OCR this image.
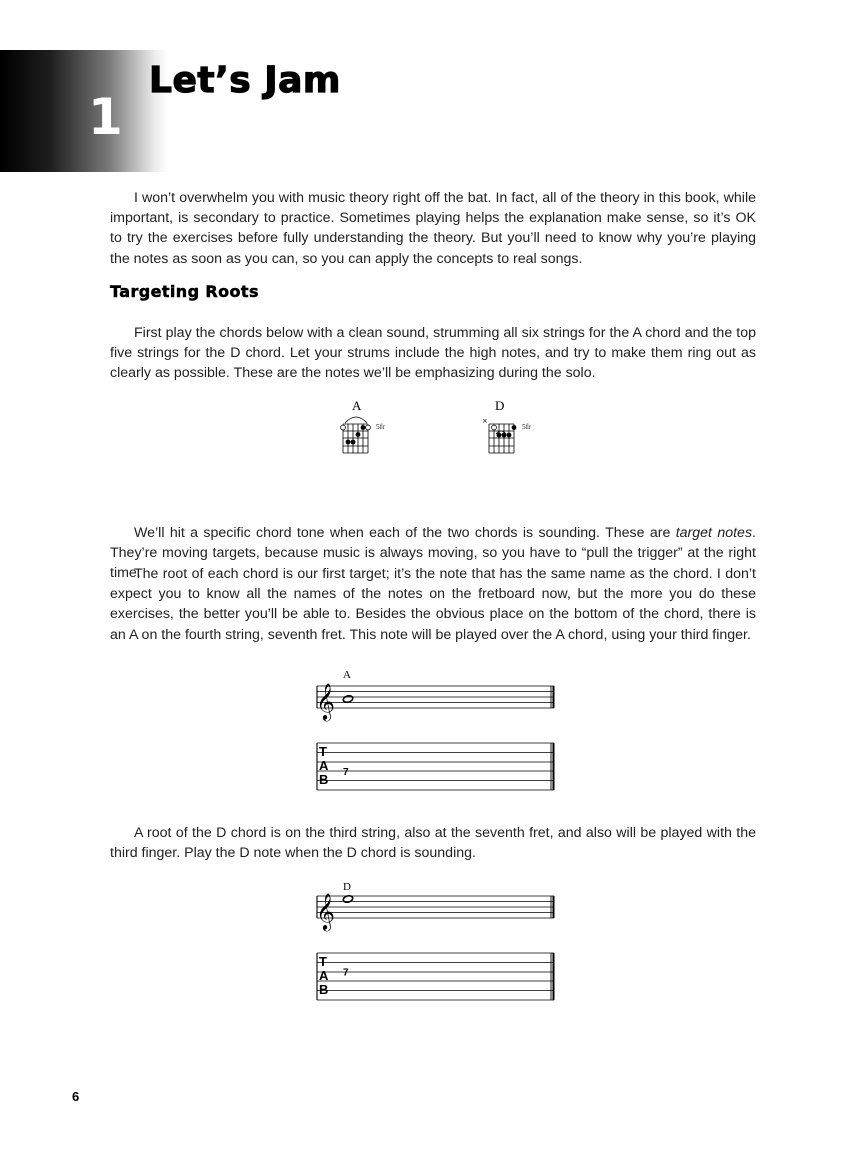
1
Let’s Jam

I won’t overwhelm you with music theory right off the bat. In fact, all of the theory in this book, while important, is secondary to practice. Sometimes playing helps the explanation make sense, so it’s OK to try the exercises before fully understanding the theory. But you’ll need to know why you’re playing the notes as soon as you can, so you can apply the concepts to real songs.

Targeting Roots

First play the chords below with a clean sound, strumming all six strings for the A chord and the top five strings for the D chord. Let your strums include the high notes, and try to make them ring out as clearly as possible. These are the notes we’ll be emphasizing during the solo.

A
5fr
D
×
5fr

We’ll hit a specific chord tone when each of the two chords is sounding. These are target notes. They’re moving targets, because music is always moving, so you have to “pull the trigger” at the right time.

The root of each chord is our first target; it’s the note that has the same name as the chord. I don’t expect you to know all the names of the notes on the fretboard now, but the more you do these exercises, the better you’ll be able to. Besides the obvious place on the bottom of the chord, there is an A on the fourth string, seventh fret. This note will be played over the A chord, using your third finger.

A
𝄞
T
A
B 7

A root of the D chord is on the third string, also at the seventh fret, and also will be played with the third finger. Play the D note when the D chord is sounding.

D
𝄞
T
A
B
7
6
